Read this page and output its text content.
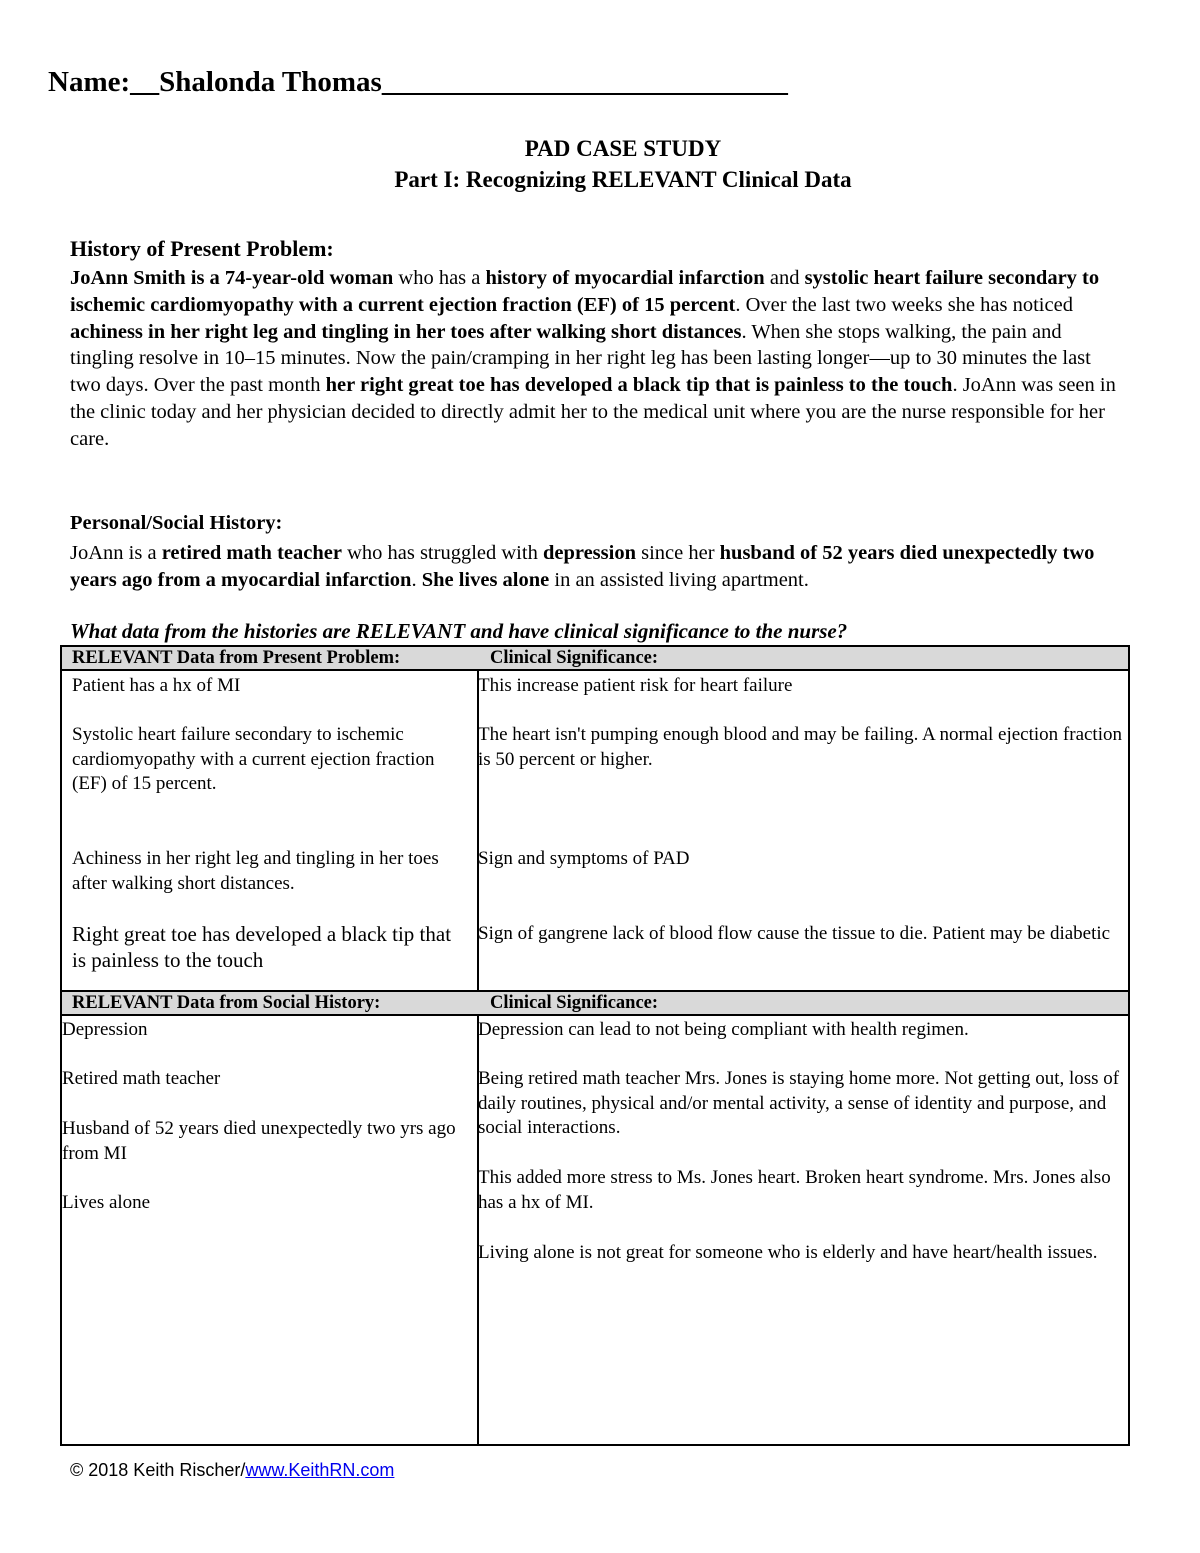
Name:__Shalonda Thomas____________________________
PAD CASE STUDY
Part I: Recognizing RELEVANT Clinical Data
History of Present Problem:
JoAnn Smith is a 74-year-old woman who has a history of myocardial infarction and systolic heart failure secondary to ischemic cardiomyopathy with a current ejection fraction (EF) of 15 percent. Over the last two weeks she has noticed achiness in her right leg and tingling in her toes after walking short distances. When she stops walking, the pain and tingling resolve in 10–15 minutes. Now the pain/cramping in her right leg has been lasting longer––up to 30 minutes the last two days. Over the past month her right great toe has developed a black tip that is painless to the touch. JoAnn was seen in the clinic today and her physician decided to directly admit her to the medical unit where you are the nurse responsible for her care.
Personal/Social History:
JoAnn is a retired math teacher who has struggled with depression since her husband of 52 years died unexpectedly two years ago from a myocardial infarction. She lives alone in an assisted living apartment.
What data from the histories are RELEVANT and have clinical significance to the nurse?
RELEVANT Data from Present Problem:	Clinical Significance:
Patient has a hx of MI
Systolic heart failure secondary to ischemic cardiomyopathy with a current ejection fraction (EF) of 15 percent.
Achiness in her right leg and tingling in her toes after walking short distances.
Right great toe has developed a black tip that is painless to the touch
This increase patient risk for heart failure
The heart isn't pumping enough blood and may be failing. A normal ejection fraction is 50 percent or higher.
Sign and symptoms of PAD
Sign of gangrene lack of blood flow cause the tissue to die. Patient may be diabetic
RELEVANT Data from Social History:	Clinical Significance:
Depression
Retired math teacher
Husband of 52 years died unexpectedly two yrs ago from MI
Lives alone
Depression can lead to not being compliant with health regimen.
Being retired math teacher Mrs. Jones is staying home more. Not getting out, loss of daily routines, physical and/or mental activity, a sense of identity and purpose, and social interactions.
This added more stress to Ms. Jones heart. Broken heart syndrome. Mrs. Jones also has a hx of MI.
Living alone is not great for someone who is elderly and have heart/health issues.
© 2018 Keith Rischer/www.KeithRN.com
